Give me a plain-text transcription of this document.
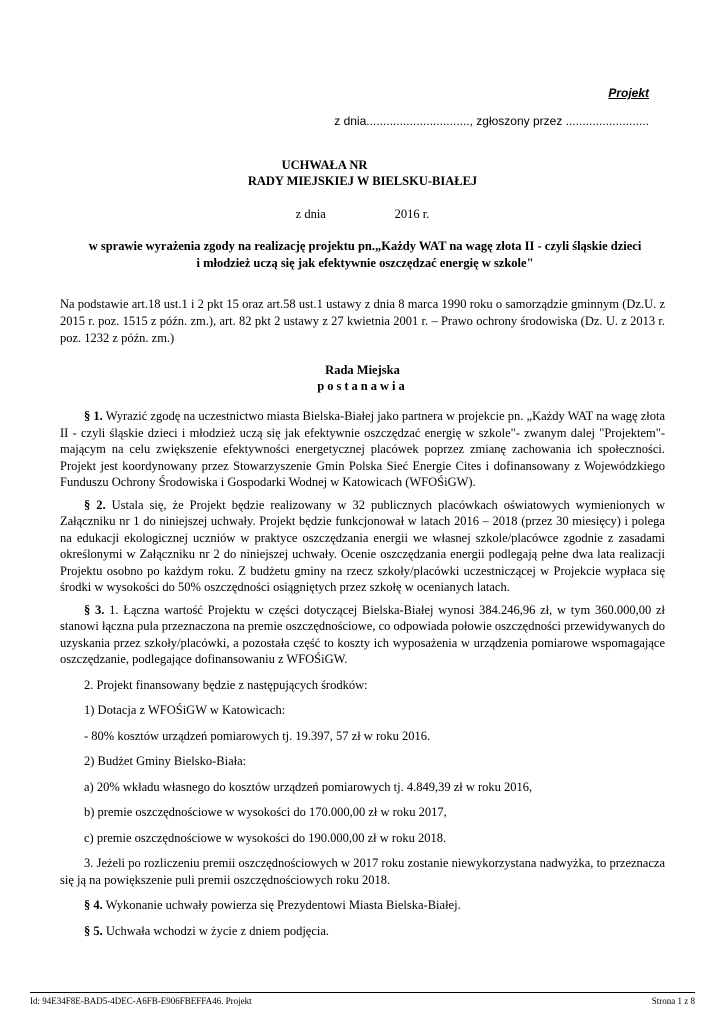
Projekt
z dnia..............................., zgłoszony przez .........................
UCHWAŁA NR
RADY MIEJSKIEJ W BIELSKU-BIAŁEJ
z dnia                      2016 r.
w sprawie wyrażenia zgody na realizację projektu pn.„Każdy WAT na wagę złota II - czyli śląskie dzieci
i młodzież uczą się jak efektywnie oszczędzać energię w szkole"
Na podstawie art.18 ust.1 i 2 pkt 15 oraz art.58 ust.1 ustawy z dnia 8 marca 1990 roku o samorządzie gminnym (Dz.U. z 2015 r. poz. 1515 z późn. zm.), art. 82 pkt 2 ustawy z 27 kwietnia 2001 r. – Prawo ochrony środowiska (Dz. U. z 2013 r. poz. 1232 z późn. zm.)
Rada Miejska
postanawia

§ 1. Wyrazić zgodę na uczestnictwo miasta Bielska-Białej jako partnera w projekcie pn. „Każdy WAT na wagę złota II - czyli śląskie dzieci i młodzież uczą się jak efektywnie oszczędzać energię w szkole"- zwanym dalej "Projektem"- mającym na celu zwiększenie efektywności energetycznej placówek poprzez zmianę zachowania ich społeczności. Projekt jest koordynowany przez Stowarzyszenie Gmin Polska Sieć Energie Cites i dofinansowany z Wojewódzkiego Funduszu Ochrony Środowiska i Gospodarki Wodnej w Katowicach (WFOŚiGW).

§ 2. Ustala się, że Projekt będzie realizowany w 32 publicznych placówkach oświatowych wymienionych w Załączniku nr 1 do niniejszej uchwały. Projekt będzie funkcjonował w latach 2016 – 2018 (przez 30 miesięcy) i polega na edukacji ekologicznej uczniów w praktyce oszczędzania energii we własnej szkole/placówce zgodnie z zasadami określonymi w Załączniku nr 2 do niniejszej uchwały. Ocenie oszczędzania energii podlegają pełne dwa lata realizacji Projektu osobno po każdym roku. Z budżetu gminy na rzecz szkoły/placówki uczestniczącej w Projekcie wypłaca się środki w wysokości do 50% oszczędności osiągniętych przez szkołę w ocenianych latach.

§ 3. 1. Łączna wartość Projektu w części dotyczącej Bielska-Białej wynosi 384.246,96 zł, w tym 360.000,00 zł stanowi łączna pula przeznaczona na premie oszczędnościowe, co odpowiada połowie oszczędności przewidywanych do uzyskania przez szkoły/placówki, a pozostała część to koszty ich wyposażenia w urządzenia pomiarowe wspomagające oszczędzanie, podlegające dofinansowaniu z WFOŚiGW.

2. Projekt finansowany będzie z następujących środków:

1) Dotacja z WFOŚiGW w Katowicach:

- 80% kosztów urządzeń pomiarowych tj. 19.397, 57 zł w roku 2016.

2) Budżet Gminy Bielsko-Biała:

a) 20% wkładu własnego do kosztów urządzeń pomiarowych tj. 4.849,39 zł w roku 2016,

b) premie oszczędnościowe w wysokości do 170.000,00 zł w roku 2017,

c) premie oszczędnościowe w wysokości do 190.000,00 zł w roku 2018.

3. Jeżeli po rozliczeniu premii oszczędnościowych w 2017 roku zostanie niewykorzystana nadwyżka, to przeznacza się ją na powiększenie puli premii oszczędnościowych roku 2018.

§ 4. Wykonanie uchwały powierza się Prezydentowi Miasta Bielska-Białej.

§ 5. Uchwała wchodzi w życie z dniem podjęcia.

Id: 94E34F8E-BAD5-4DEC-A6FB-E906FBEFFA46. Projekt	Strona 1 z 8
